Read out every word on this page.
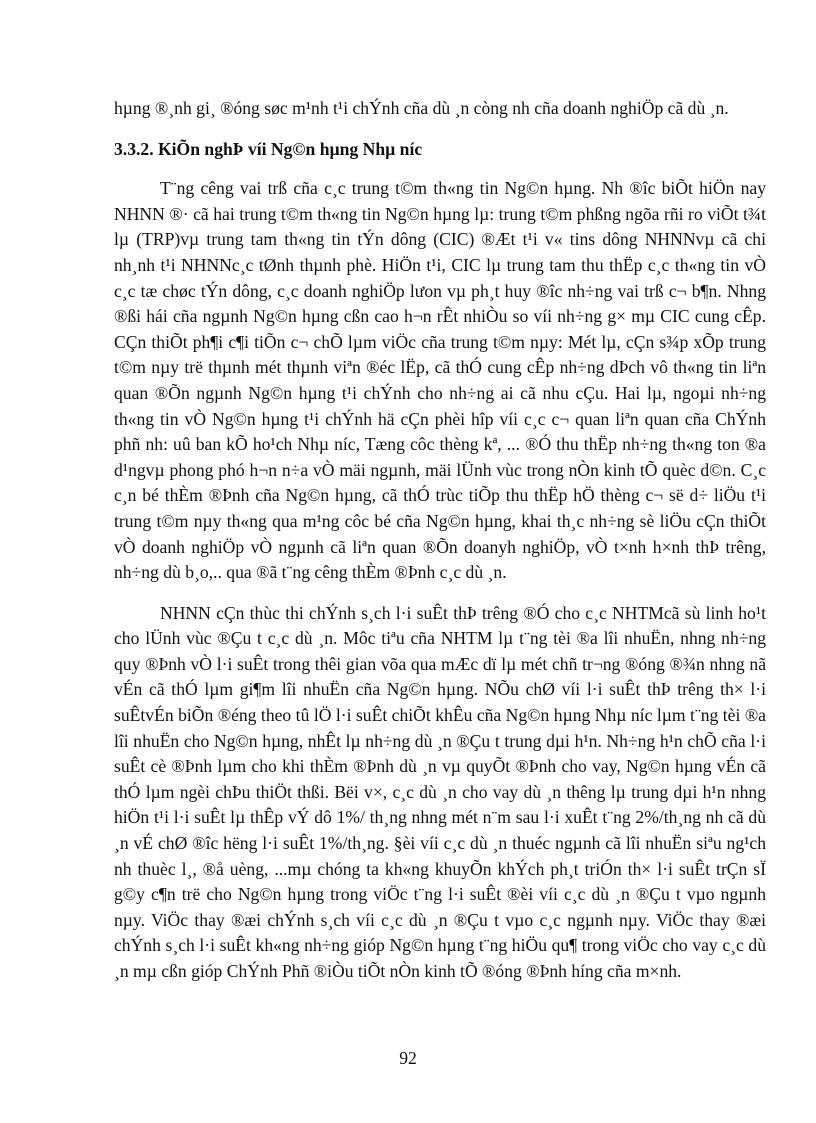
hµng ®¸nh gi¸ ®óng søc m¹nh t¹i chÝnh cña dù ¸n còng nh cña doanh nghiÖp cã dù ¸n.

3.3.2. KiÕn nghÞ víi Ng©n hµng Nhµ níc

T¨ng cêng vai trß cña c¸c trung t©m th«ng tin Ng©n hµng. Nh ®îc biÕt hiÖn nay NHNN ®· cã hai trung t©m th«ng tin Ng©n hµng lµ: trung t©m phßng ngõa rñi ro viÕt t¾t lµ (TRP)vµ trung tam th«ng tin tÝn dông (CIC) ®Æt t¹i v« tins dông NHNNvµ cã chi nh¸nh t¹i NHNNc¸c tØnh thµnh phè. HiÖn t¹i, CIC lµ trung tam thu thËp c¸c th«ng tin vÒ c¸c tæ chøc tÝn dông, c¸c doanh nghiÖp lưon vµ ph¸t huy ®îc nh÷ng vai trß c¬ b¶n. Nhng ®ßi hái cña ngµnh Ng©n hµng cßn cao h¬n rÊt nhiÒu so víi nh÷ng g× mµ CIC cung cÊp. CÇn thiÕt ph¶i c¶i tiÕn c¬ chÕ lµm viÖc cña trung t©m nµy: Mét lµ, cÇn s¾p xÕp trung t©m nµy trë thµnh mét thµnh viªn ®éc lËp, cã thÓ cung cÊp nh÷ng dÞch vô th«ng tin liªn quan ®Õn ngµnh Ng©n hµng t¹i chÝnh cho nh÷ng ai cã nhu cÇu. Hai lµ, ngoµi nh÷ng th«ng tin vÒ Ng©n hµng t¹i chÝnh hä cÇn phèi hîp víi c¸c c¬ quan liªn quan cña ChÝnh phñ nh: uû ban kÕ ho¹ch Nhµ níc, Tæng côc thèng kª, ... ®Ó thu thËp nh÷ng th«ng ton ®a d¹ngvµ phong phó h¬n n÷a vÒ mäi ngµnh, mäi lÜnh vùc trong nÒn kinh tÕ quèc d©n. C¸c c¸n bé thÈm ®Þnh cña Ng©n hµng, cã thÓ trùc tiÕp thu thËp hÖ thèng c¬ së d÷ liÖu t¹i trung t©m nµy th«ng qua m¹ng côc bé cña Ng©n hµng, khai th¸c nh÷ng sè liÖu cÇn thiÕt vÒ doanh nghiÖp vÒ ngµnh cã liªn quan ®Õn doanyh nghiÖp, vÒ t×nh h×nh thÞ trêng, nh÷ng dù b¸o,.. qua ®ã t¨ng cêng thÈm ®Þnh c¸c dù ¸n.

NHNN cÇn thùc thi chÝnh s¸ch l·i suÊt thÞ trêng ®Ó cho c¸c NHTMcã sù linh ho¹t cho lÜnh vùc ®Çu t c¸c dù ¸n. Môc tiªu cña NHTM lµ t¨ng tèi ®a lîi nhuËn, nhng nh÷ng quy ®Þnh vÒ l·i suÊt trong thêi gian võa qua mÆc dï lµ mét chñ tr¬ng ®óng ®¾n nhng nã vÉn cã thÓ lµm gi¶m lîi nhuËn cña Ng©n hµng. NÕu chØ víi l·i suÊt thÞ trêng th× l·i suÊtvÉn biÕn ®éng theo tû lÖ l·i suÊt chiÕt khÊu cña Ng©n hµng Nhµ níc lµm t¨ng tèi ®a lîi nhuËn cho Ng©n hµng, nhÊt lµ nh÷ng dù ¸n ®Çu t trung dµi h¹n. Nh÷ng h¹n chÕ cña l·i suÊt cè ®Þnh lµm cho khi thÈm ®Þnh dù ¸n vµ quyÕt ®Þnh cho vay, Ng©n hµng vÉn cã thÓ lµm ngèi chÞu thiÖt thßi. Bëi v×, c¸c dù ¸n cho vay dù ¸n thêng lµ trung dµi h¹n nhng hiÖn t¹i l·i suÊt lµ thÊp vÝ dô 1%/ th¸ng nhng mét n¨m sau l·i xuÊt t¨ng 2%/th¸ng nh cã dù ¸n vÉ chØ ®îc hëng l·i suÊt 1%/th¸ng. §èi víi c¸c dù ¸n thuéc ngµnh cã lîi nhuËn siªu ng¹ch nh thuèc l¸, ®å uèng, ...mµ chóng ta kh«ng khuyÕn khÝch ph¸t triÓn th× l·i suÊt trÇn sÏ g©y c¶n trë cho Ng©n hµng trong viÖc t¨ng l·i suÊt ®èi víi c¸c dù ¸n ®Çu t vµo ngµnh nµy. ViÖc thay ®æi chÝnh s¸ch víi c¸c dù ¸n ®Çu t vµo c¸c ngµnh nµy. ViÖc thay ®æi chÝnh s¸ch l·i suÊt kh«ng nh÷ng gióp Ng©n hµng t¨ng hiÖu qu¶ trong viÖc cho vay c¸c dù ¸n mµ cßn gióp ChÝnh Phñ ®iÒu tiÕt nÒn kinh tÕ ®óng ®Þnh híng cña m×nh.

92
